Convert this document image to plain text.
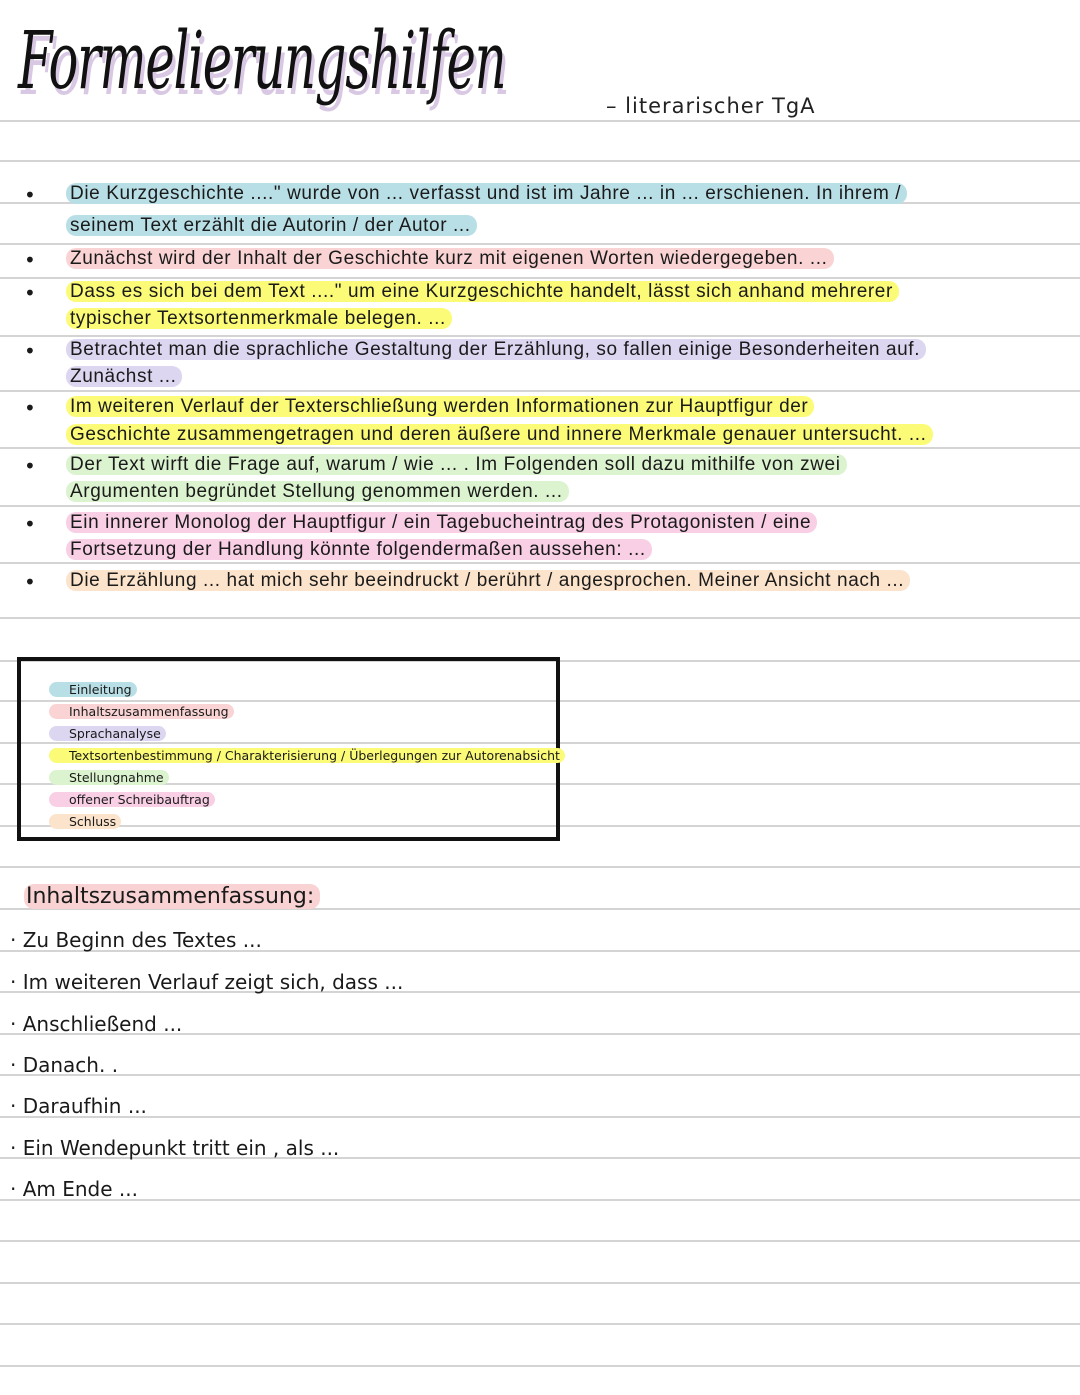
Formelierungshilfen	– literarischer TgA
• Die Kurzgeschichte ...." wurde von ... verfasst und ist im Jahre ... in ... erschienen. In ihrem /
seinem Text erzählt die Autorin / der Autor ...
• Zunächst wird der Inhalt der Geschichte kurz mit eigenen Worten wiedergegeben. ...
• Dass es sich bei dem Text ...." um eine Kurzgeschichte handelt, lässt sich anhand mehrerer
typischer Textsortenmerkmale belegen. ...
• Betrachtet man die sprachliche Gestaltung der Erzählung, so fallen einige Besonderheiten auf.
Zunächst ...
• Im weiteren Verlauf der Texterschließung werden Informationen zur Hauptfigur der
Geschichte zusammengetragen und deren äußere und innere Merkmale genauer untersucht. ...
• Der Text wirft die Frage auf, warum / wie ... . Im Folgenden soll dazu mithilfe von zwei
Argumenten begründet Stellung genommen werden. ...
• Ein innerer Monolog der Hauptfigur / ein Tagebucheintrag des Protagonisten / eine
Fortsetzung der Handlung könnte folgendermaßen aussehen: ...
• Die Erzählung ... hat mich sehr beeindruckt / berührt / angesprochen. Meiner Ansicht nach ...
Einleitung
Inhaltszusammenfassung
Sprachanalyse
Textsortenbestimmung / Charakterisierung / Überlegungen zur Autorenabsicht
Stellungnahme
offener Schreibauftrag
Schluss
Inhaltszusammenfassung:
· Zu Beginn des Textes ...
· Im weiteren Verlauf zeigt sich, dass ...
· Anschließend ...
· Danach. .
· Daraufhin ...
· Ein Wendepunkt tritt ein , als ...
· Am Ende ...
